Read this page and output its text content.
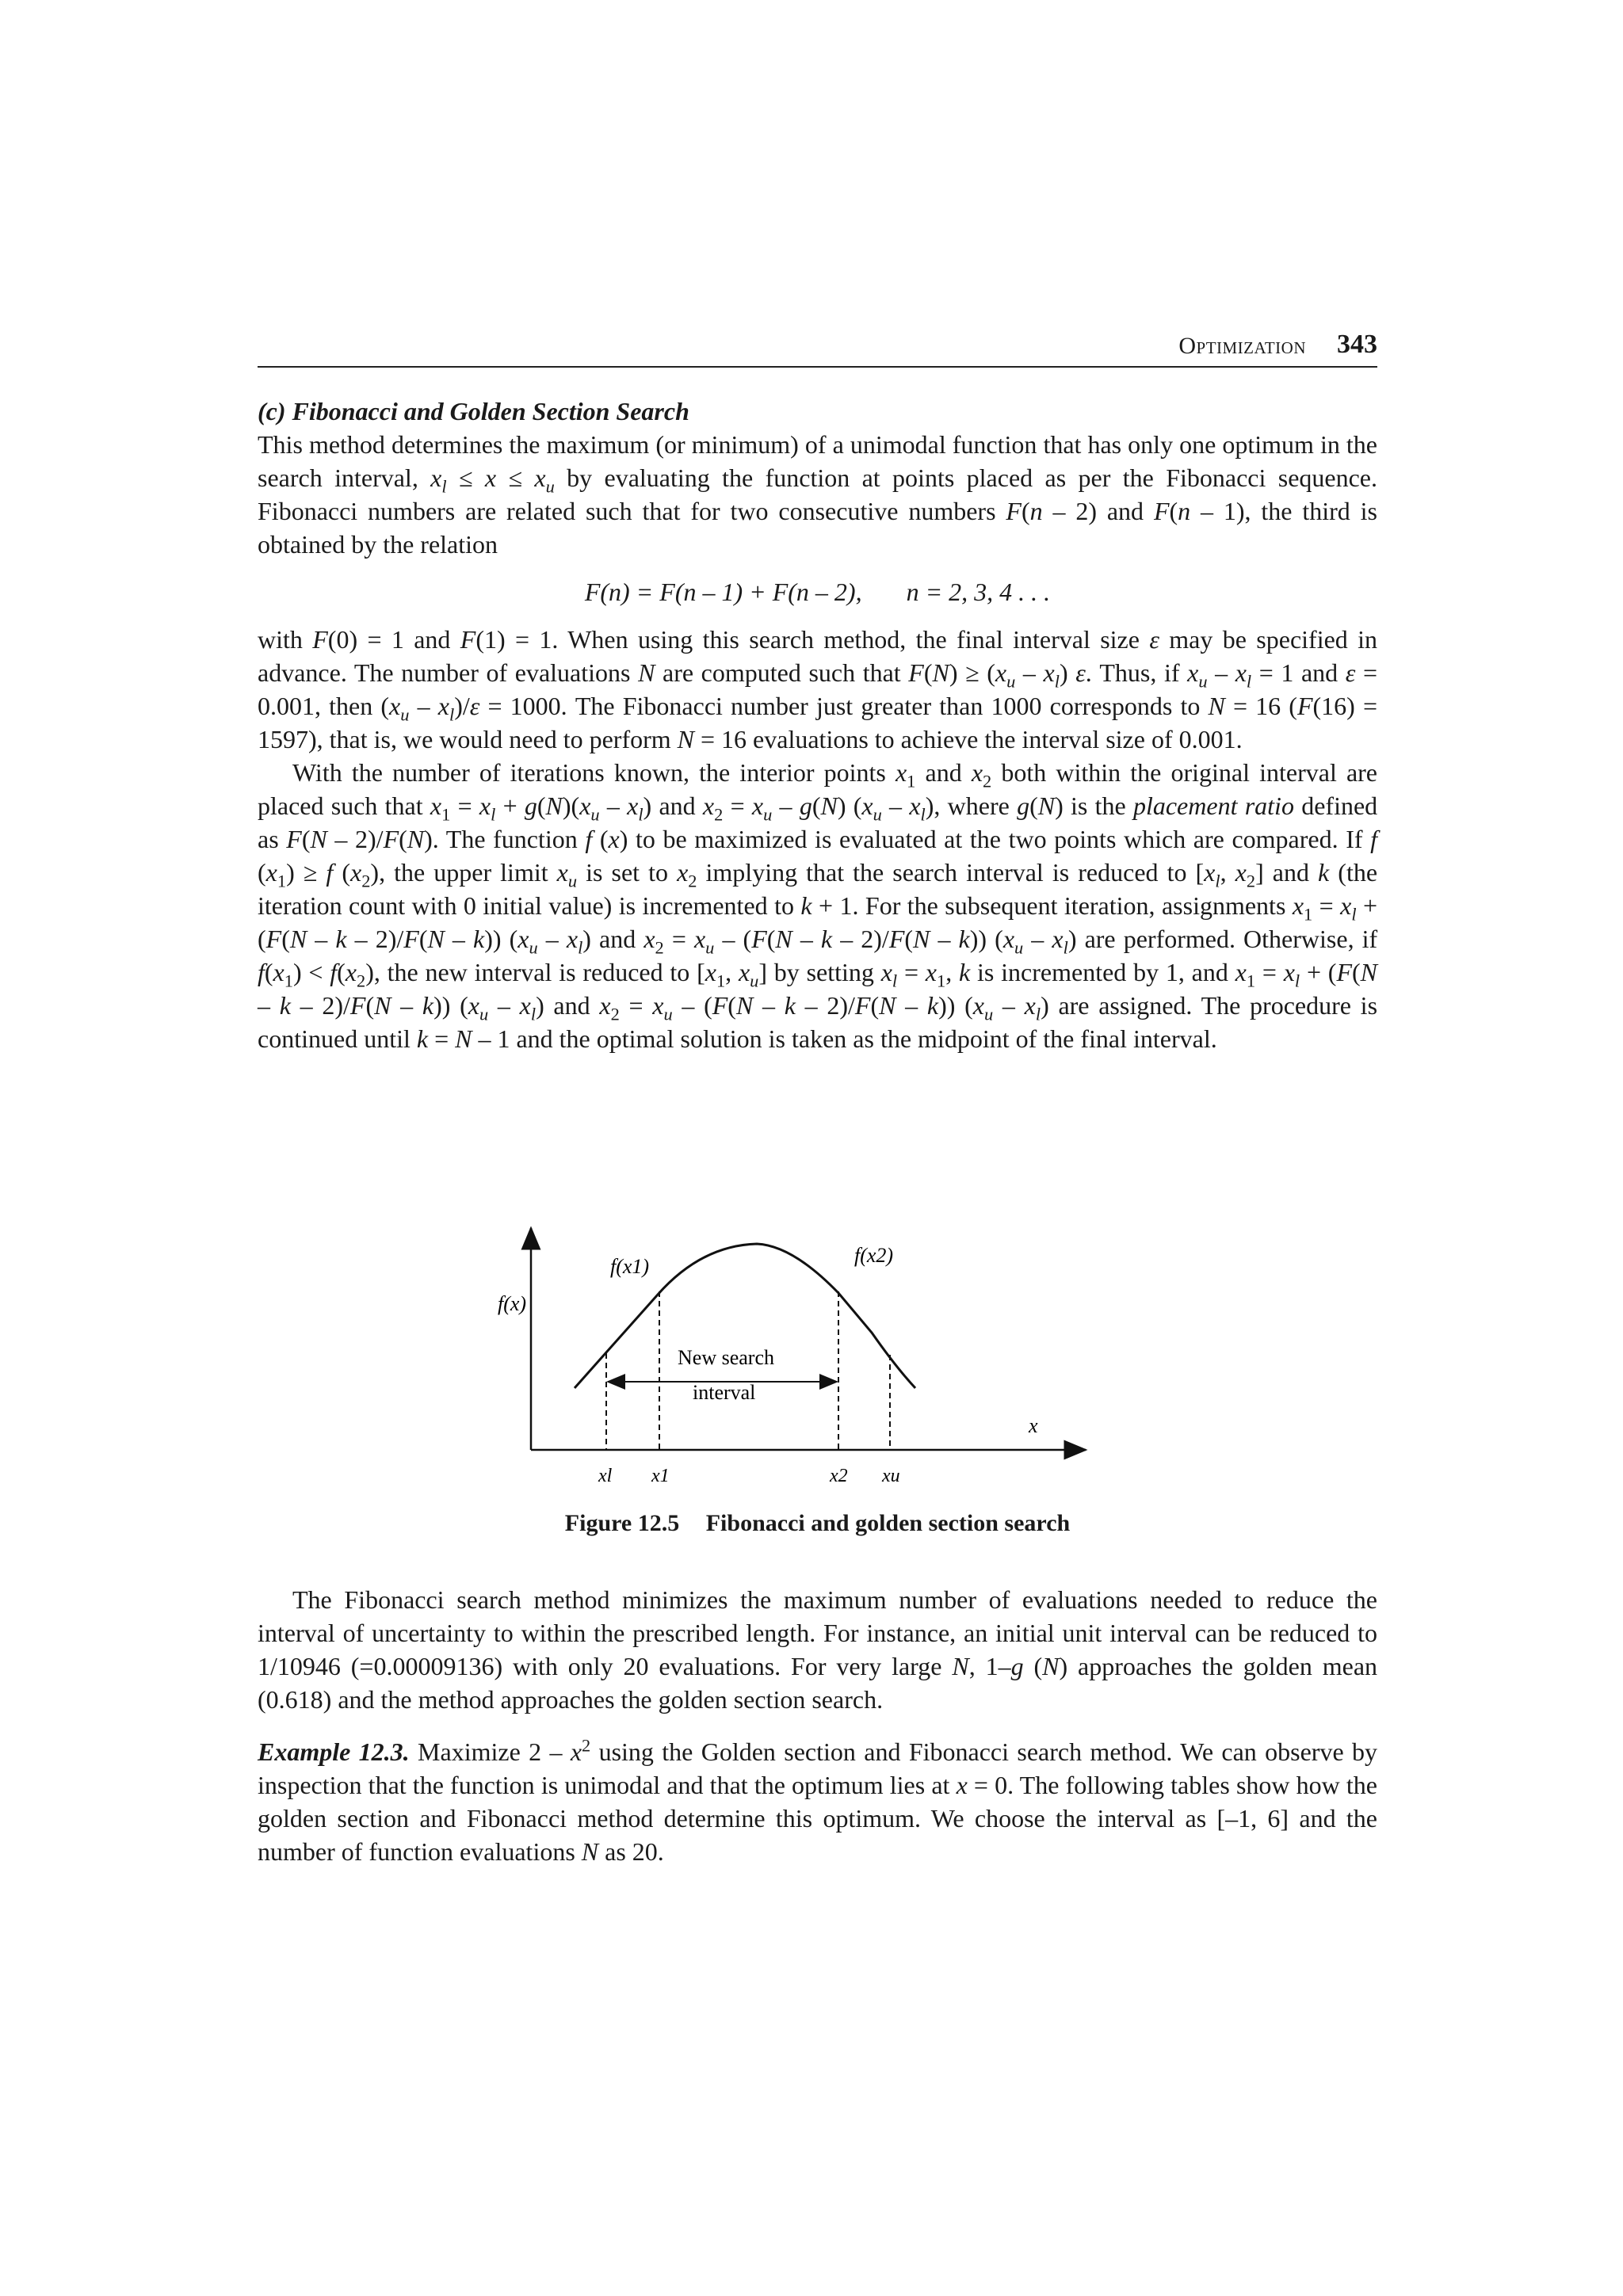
Optimization 343
(c) Fibonacci and Golden Section Search

This method determines the maximum (or minimum) of a unimodal function that has only one optimum in the search interval, $x_l \le x \le x_u$ by evaluating the function at points placed as per the Fibonacci sequence. Fibonacci numbers are related such that for two consecutive numbers F(n – 2) and F(n – 1), the third is obtained by the relation

F(n) = F(n – 1) + F(n – 2), n = 2, 3, 4 . . .

with F(0) = 1 and F(1) = 1. When using this search method, the final interval size ε may be specified in advance. The number of evaluations N are computed such that $F(N) \ge (x_u - x_l)$ ε. Thus, if $x_u - x_l = 1$ and ε = 0.001, then $(x_u - x_l)/\varepsilon = 1000$. The Fibonacci number just greater than 1000 corresponds to N = 16 (F(16) = 1597), that is, we would need to perform N = 16 evaluations to achieve the interval size of 0.001.

With the number of iterations known, the interior points $x_1$ and $x_2$ both within the original interval are placed such that $x_1 = x_l + g(N)(x_u - x_l)$ and $x_2 = x_u - g(N)$ $(x_u - x_l)$, where g(N) is the placement ratio defined as F(N – 2)/F(N). The function f (x) to be maximized is evaluated at the two points which are compared. If f $(x_1) \ge f$ $(x_2)$, the upper limit $x_u$ is set to $x_2$ implying that the search interval is reduced to [$x_l$, $x_2$] and k (the iteration count with 0 initial value) is incremented to k + 1. For the subsequent iteration, assignments $x_1 = x_l + (F(N - k - 2)/F(N - k))$ $(x_u - x_l)$ and $x_2 = x_u - (F(N - k - 2)/F(N - k))$ $(x_u - x_l)$ are performed. Otherwise, if $f(x_1) < f(x_2)$, the new interval is reduced to [$x_1$, $x_u$] by setting $x_l = x_1$, k is incremented by 1, and $x_1 = x_l + (F(N - k - 2)/F(N - k))$ $(x_u - x_l)$ and $x_2 = x_u - (F(N - k - 2)/F(N - k))$ $(x_u - x_l)$ are assigned. The procedure is continued until k = N – 1 and the optimal solution is taken as the midpoint of the final interval.

f(x)
f(x1)	f(x2)
New search
interval
x
xl x1	x2 xu
Figure 12.5 Fibonacci and golden section search

The Fibonacci search method minimizes the maximum number of evaluations needed to reduce the interval of uncertainty to within the prescribed length. For instance, an initial unit interval can be reduced to 1/10946 (=0.00009136) with only 20 evaluations. For very large N, 1–g (N) approaches the golden mean (0.618) and the method approaches the golden section search.

Example 12.3. Maximize $2 - x^2$ using the Golden section and Fibonacci search method. We can observe by inspection that the function is unimodal and that the optimum lies at x = 0. The following tables show how the golden section and Fibonacci method determine this optimum. We choose the interval as [–1, 6] and the number of function evaluations N as 20.
